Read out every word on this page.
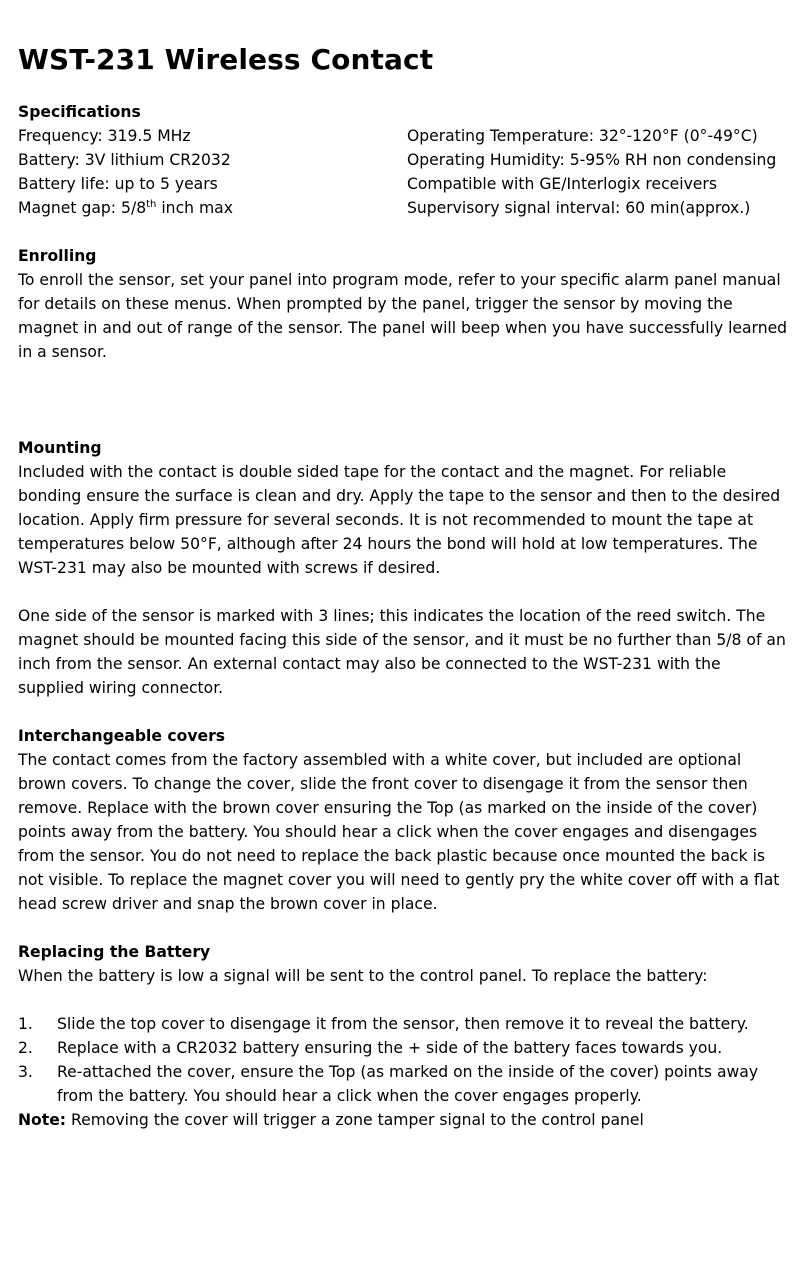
WST-231 Wireless Contact
Specifications
Frequency: 319.5 MHz	Operating Temperature: 32°-120°F (0°-49°C)
Battery: 3V lithium CR2032	Operating Humidity: 5-95% RH non condensing
Battery life: up to 5 years	Compatible with GE/Interlogix receivers
Magnet gap: 5/8th inch max	Supervisory signal interval: 60 min(approx.)
Enrolling

To enroll the sensor, set your panel into program mode, refer to your specific alarm panel manual for details on these menus. When prompted by the panel, trigger the sensor by moving the magnet in and out of range of the sensor. The panel will beep when you have successfully learned in a sensor.

Mounting

Included with the contact is double sided tape for the contact and the magnet. For reliable bonding ensure the surface is clean and dry. Apply the tape to the sensor and then to the desired location. Apply firm pressure for several seconds. It is not recommended to mount the tape at temperatures below 50°F, although after 24 hours the bond will hold at low temperatures. The WST-231 may also be mounted with screws if desired.

One side of the sensor is marked with 3 lines; this indicates the location of the reed switch. The magnet should be mounted facing this side of the sensor, and it must be no further than 5/8 of an inch from the sensor. An external contact may also be connected to the WST-231 with the supplied wiring connector.

Interchangeable covers

The contact comes from the factory assembled with a white cover, but included are optional brown covers. To change the cover, slide the front cover to disengage it from the sensor then remove. Replace with the brown cover ensuring the Top (as marked on the inside of the cover) points away from the battery. You should hear a click when the cover engages and disengages from the sensor. You do not need to replace the back plastic because once mounted the back is not visible. To replace the magnet cover you will need to gently pry the white cover off with a flat head screw driver and snap the brown cover in place.

Replacing the Battery

When the battery is low a signal will be sent to the control panel. To replace the battery:

1. Slide the top cover to disengage it from the sensor, then remove it to reveal the battery.
2. Replace with a CR2032 battery ensuring the + side of the battery faces towards you.
3. Re-attached the cover, ensure the Top (as marked on the inside of the cover) points away from the battery. You should hear a click when the cover engages properly.

Note: Removing the cover will trigger a zone tamper signal to the control panel
